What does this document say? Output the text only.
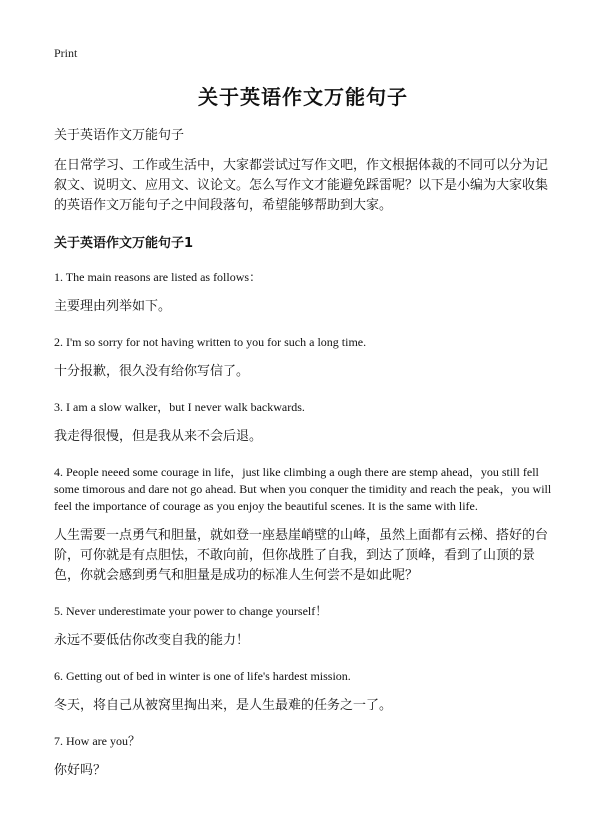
Print
关于英语作文万能句子

关于英语作文万能句子

在日常学习、工作或生活中，大家都尝试过写作文吧，作文根据体裁的不同可以分为记叙文、说明文、应用文、议论文。怎么写作文才能避免踩雷呢？以下是小编为大家收集的英语作文万能句子之中间段落句，希望能够帮助到大家。

关于英语作文万能句子1

1. The main reasons are listed as follows：

主要理由列举如下。

2. I'm so sorry for not having written to you for such a long time.

十分报歉，很久没有给你写信了。

3. I am a slow walker，but I never walk backwards.

我走得很慢，但是我从来不会后退。

4. People neeed some courage in life，just like climbing a ough there are stemp ahead，you still fell some timorous and dare not go ahead. But when you conquer the timidity and reach the peak，you will feel the importance of courage as you enjoy the beautiful scenes. It is the same with life.

人生需要一点勇气和胆量，就如登一座悬崖峭壁的山峰，虽然上面都有云梯、搭好的台阶，可你就是有点胆怯，不敢向前，但你战胜了自我，到达了顶峰，看到了山顶的景色，你就会感到勇气和胆量是成功的标准人生何尝不是如此呢？

5. Never underestimate your power to change yourself！

永远不要低估你改变自我的能力！

6. Getting out of bed in winter is one of life's hardest mission.

冬天，将自己从被窝里掏出来，是人生最难的任务之一了。

7. How are you？

你好吗？
